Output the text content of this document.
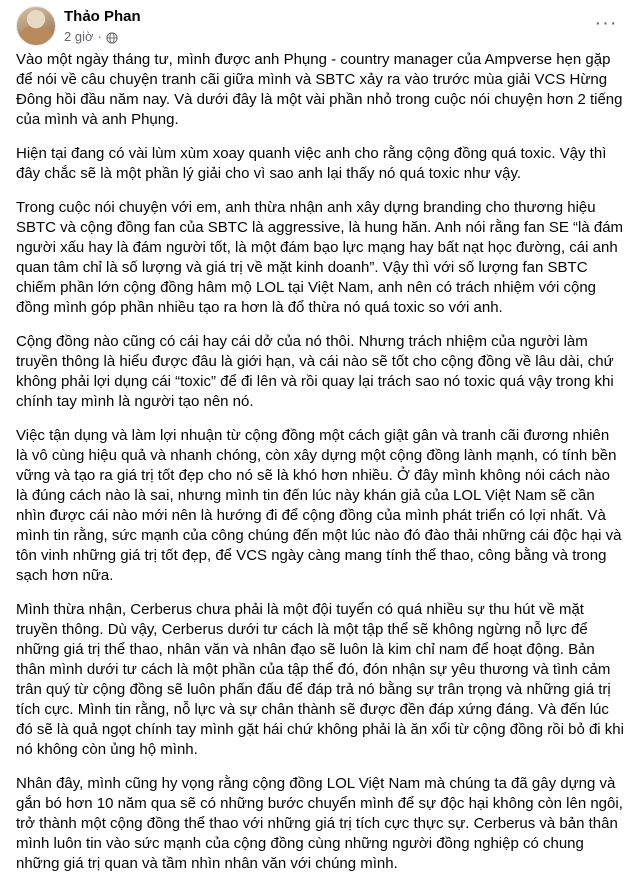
Thảo Phan
2 giờ ·
···

Vào một ngày tháng tư, mình được anh Phụng - country manager của Ampverse hẹn gặp để nói về câu chuyện tranh cãi giữa mình và SBTC xảy ra vào trước mùa giải VCS Hừng Đông hồi đầu năm nay. Và dưới đây là một vài phần nhỏ trong cuộc nói chuyện hơn 2 tiếng của mình và anh Phụng.

Hiện tại đang có vài lùm xùm xoay quanh việc anh cho rằng cộng đồng quá toxic. Vậy thì đây chắc sẽ là một phần lý giải cho vì sao anh lại thấy nó quá toxic như vậy.

Trong cuộc nói chuyện với em, anh thừa nhận anh xây dựng branding cho thương hiệu SBTC và cộng đồng fan của SBTC là aggressive, là hung hăn. Anh nói rằng fan SE “là đám người xấu hay là đám người tốt, là một đám bạo lực mạng hay bất nạt học đường, cái anh quan tâm chỉ là số lượng và giá trị về mặt kinh doanh”. Vậy thì với số lượng fan SBTC chiếm phần lớn cộng đồng hâm mộ LOL tại Việt Nam, anh nên có trách nhiệm với cộng đồng mình góp phần nhiều tạo ra hơn là đổ thừa nó quá toxic so với anh.

Cộng đồng nào cũng có cái hay cái dở của nó thôi. Nhưng trách nhiệm của người làm truyền thông là hiểu được đâu là giới hạn, và cái nào sẽ tốt cho cộng đồng về lâu dài, chứ không phải lợi dụng cái “toxic” để đi lên và rồi quay lại trách sao nó toxic quá vậy trong khi chính tay mình là người tạo nên nó.

Việc tận dụng và làm lợi nhuận từ cộng đồng một cách giật gân và tranh cãi đương nhiên là vô cùng hiệu quả và nhanh chóng, còn xây dựng một cộng đồng lành mạnh, có tính bền vững và tạo ra giá trị tốt đẹp cho nó sẽ là khó hơn nhiều. Ở đây mình không nói cách nào là đúng cách nào là sai, nhưng mình tin đến lúc này khán giả của LOL Việt Nam sẽ cần nhìn được cái nào mới nên là hướng đi để cộng đồng của mình phát triển có lợi nhất. Và mình tin rằng, sức mạnh của công chúng đến một lúc nào đó đào thải những cái độc hại và tôn vinh những giá trị tốt đẹp, để VCS ngày càng mang tính thể thao, công bằng và trong sạch hơn nữa.

Mình thừa nhận, Cerberus chưa phải là một đội tuyển có quá nhiều sự thu hút về mặt truyền thông. Dù vậy, Cerberus dưới tư cách là một tập thể sẽ không ngừng nỗ lực để những giá trị thể thao, nhân văn và nhân đạo sẽ luôn là kim chỉ nam để hoạt động. Bản thân mình dưới tư cách là một phần của tập thể đó, đón nhận sự yêu thương và tình cảm trân quý từ cộng đồng sẽ luôn phấn đấu để đáp trả nó bằng sự trân trọng và những giá trị tích cực. Mình tin rằng, nỗ lực và sự chân thành sẽ được đền đáp xứng đáng. Và đến lúc đó sẽ là quả ngọt chính tay mình gặt hái chứ không phải là ăn xổi từ cộng đồng rồi bỏ đi khi nó không còn ủng hộ mình.

Nhân đây, mình cũng hy vọng rằng cộng đồng LOL Việt Nam mà chúng ta đã gây dựng và gắn bó hơn 10 năm qua sẽ có những bước chuyển mình để sự độc hại không còn lên ngôi, trở thành một cộng đồng thể thao với những giá trị tích cực thực sự. Cerberus và bản thân mình luôn tin vào sức mạnh của cộng đồng cùng những người đồng nghiệp có chung những giá trị quan và tầm nhìn nhân văn với chúng mình.
